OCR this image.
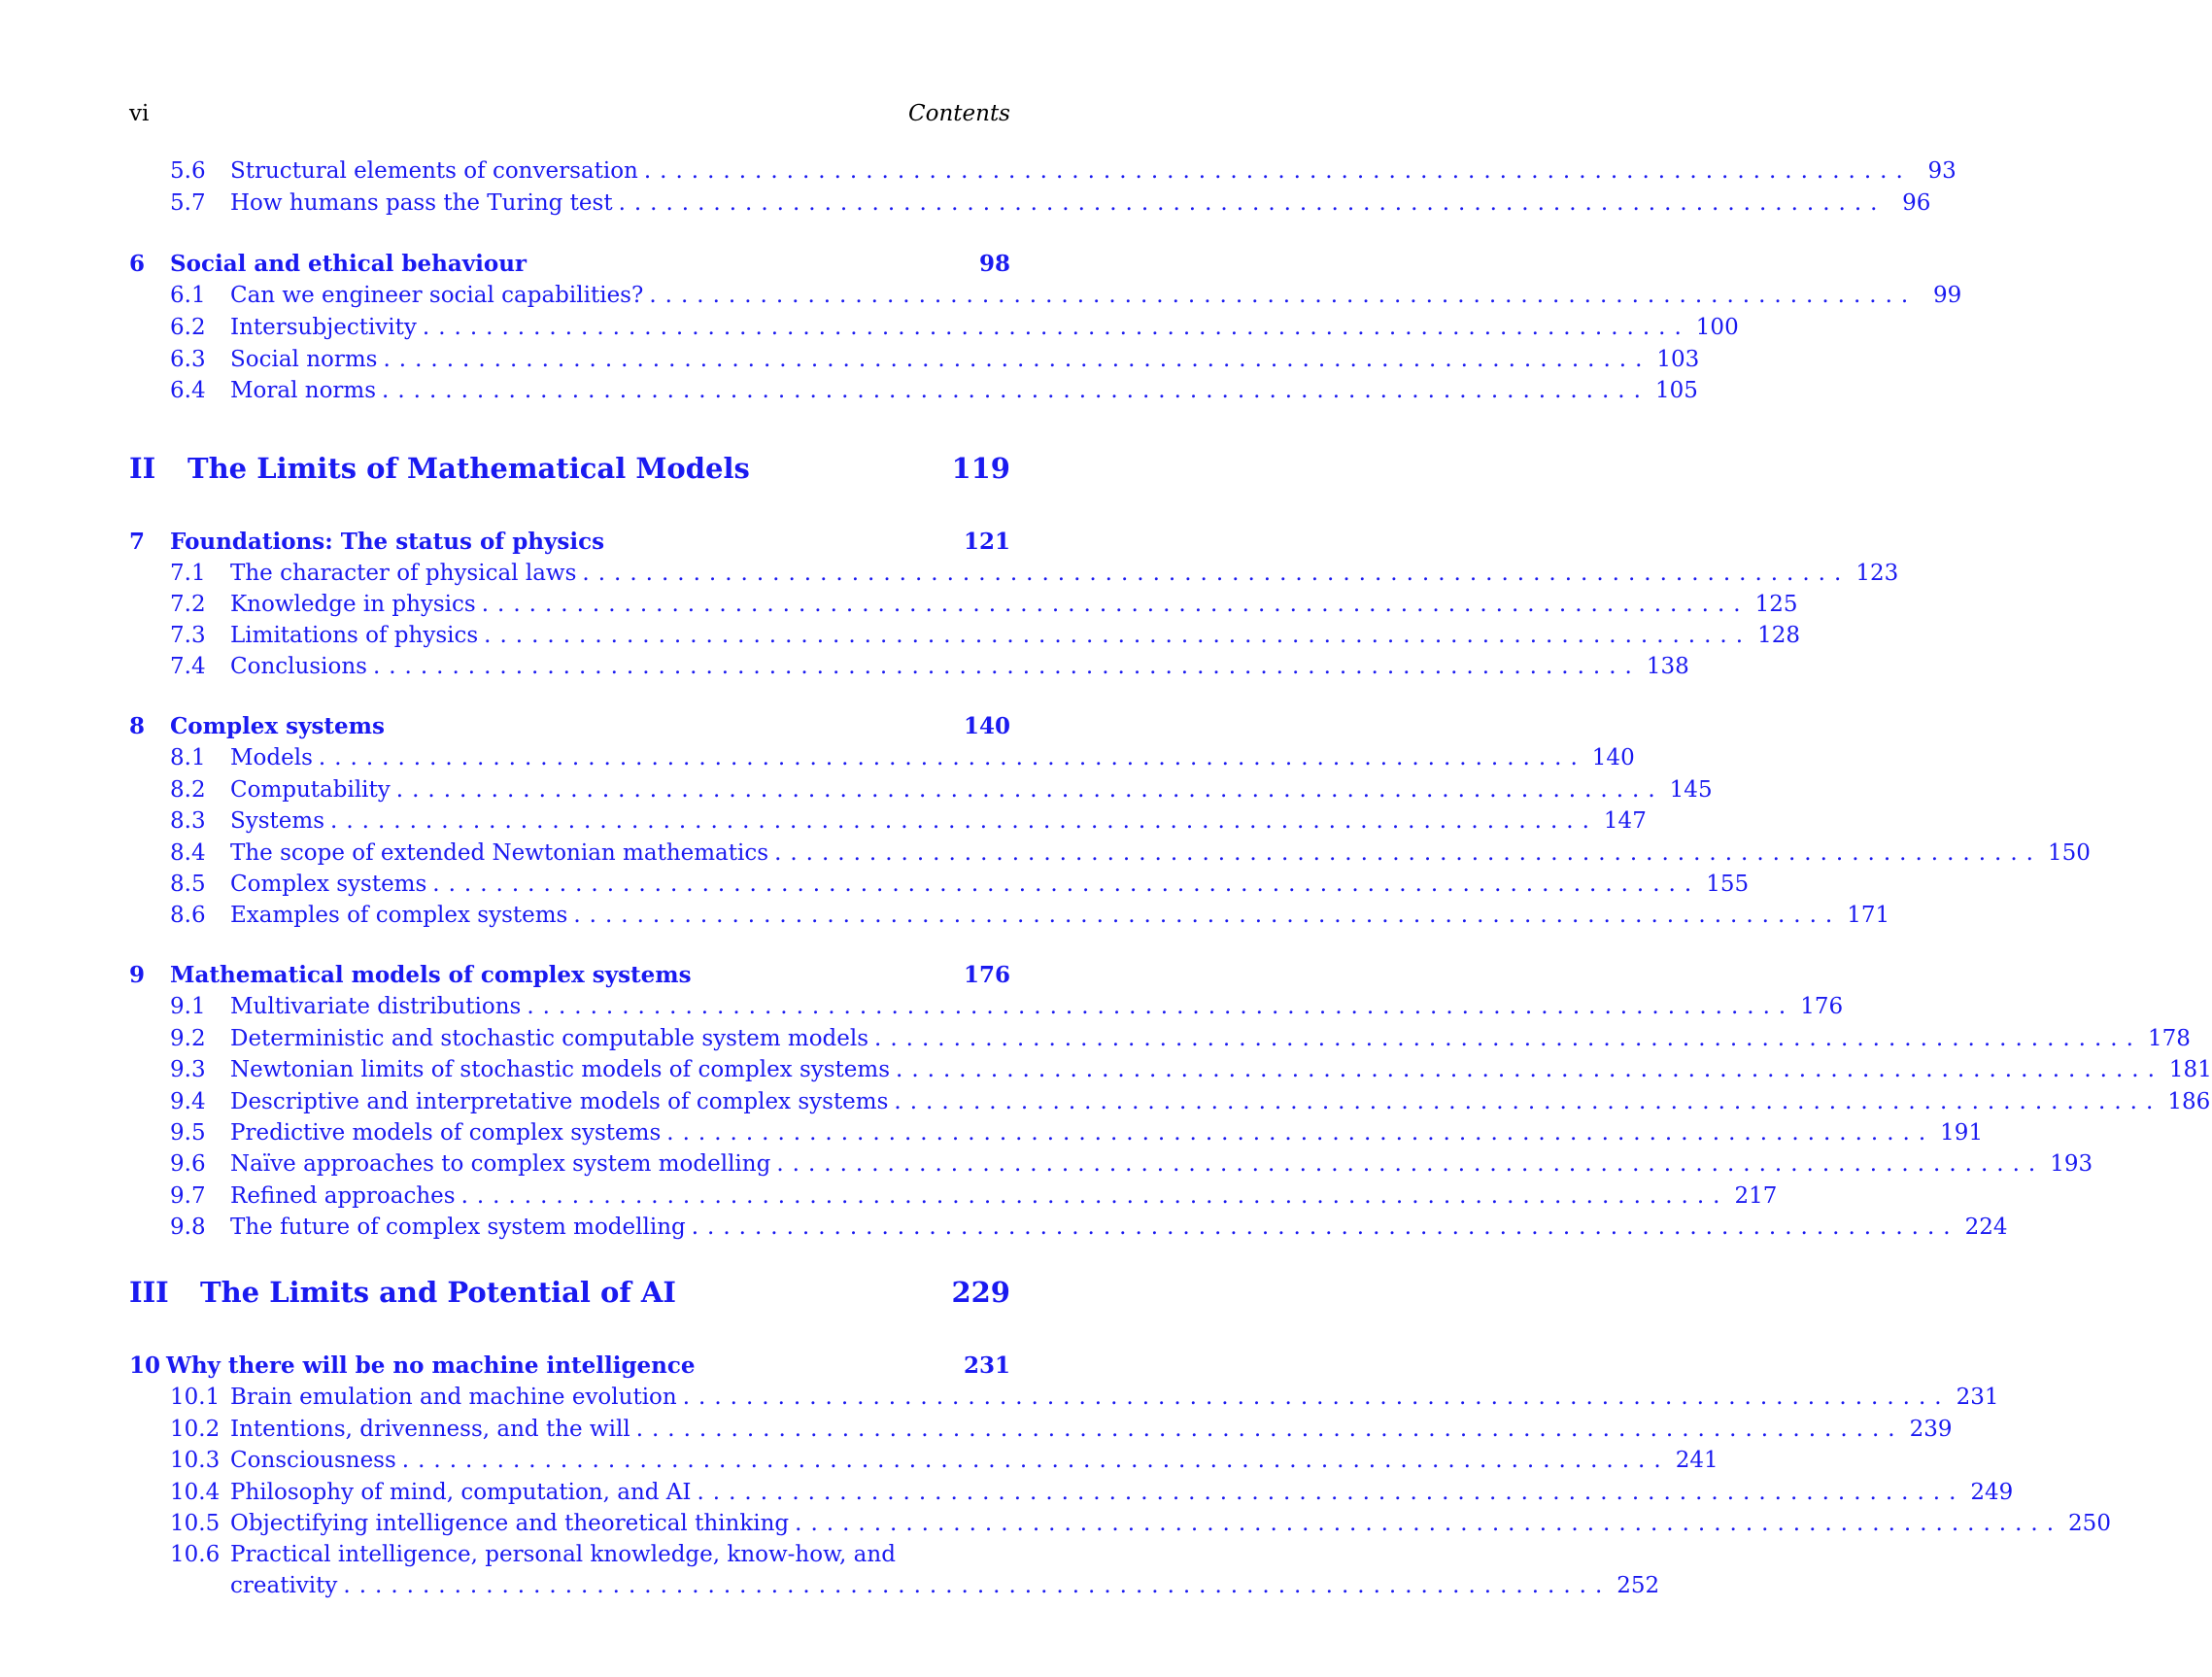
vi	Contents
5.6 Structural elements of conversation ................................................................................ 93
5.7 How humans pass the Turing test ................................................................................ 96
6 Social and ethical behaviour	98
6.1 Can we engineer social capabilities? ................................................................................ 99
6.2 Intersubjectivity ................................................................................ 100
6.3 Social norms ................................................................................ 103
6.4 Moral norms ................................................................................ 105
II The Limits of Mathematical Models	119
7 Foundations: The status of physics	121
7.1 The character of physical laws ................................................................................ 123
7.2 Knowledge in physics ................................................................................ 125
7.3 Limitations of physics ................................................................................ 128
7.4 Conclusions ................................................................................ 138
8 Complex systems	140
8.1 Models ................................................................................ 140
8.2 Computability ................................................................................ 145
8.3 Systems ................................................................................ 147
8.4 The scope of extended Newtonian mathematics ................................................................................ 150
8.5 Complex systems ................................................................................ 155
8.6 Examples of complex systems ................................................................................ 171
9 Mathematical models of complex systems	176
9.1 Multivariate distributions ................................................................................ 176
9.2 Deterministic and stochastic computable system models ................................................................................ 178
9.3 Newtonian limits of stochastic models of complex systems ................................................................................ 181
9.4 Descriptive and interpretative models of complex systems ................................................................................ 186
9.5 Predictive models of complex systems ................................................................................ 191
9.6 Naïve approaches to complex system modelling ................................................................................ 193
9.7 Refined approaches ................................................................................ 217
9.8 The future of complex system modelling ................................................................................ 224
III The Limits and Potential of AI	229
10 Why there will be no machine intelligence	231
10.1 Brain emulation and machine evolution ................................................................................ 231
10.2 Intentions, drivenness, and the will ................................................................................ 239
10.3 Consciousness ................................................................................ 241
10.4 Philosophy of mind, computation, and AI ................................................................................ 249
10.5 Objectifying intelligence and theoretical thinking ................................................................................ 250
10.6 Practical intelligence, personal knowledge, know-how, and
creativity ................................................................................ 252
